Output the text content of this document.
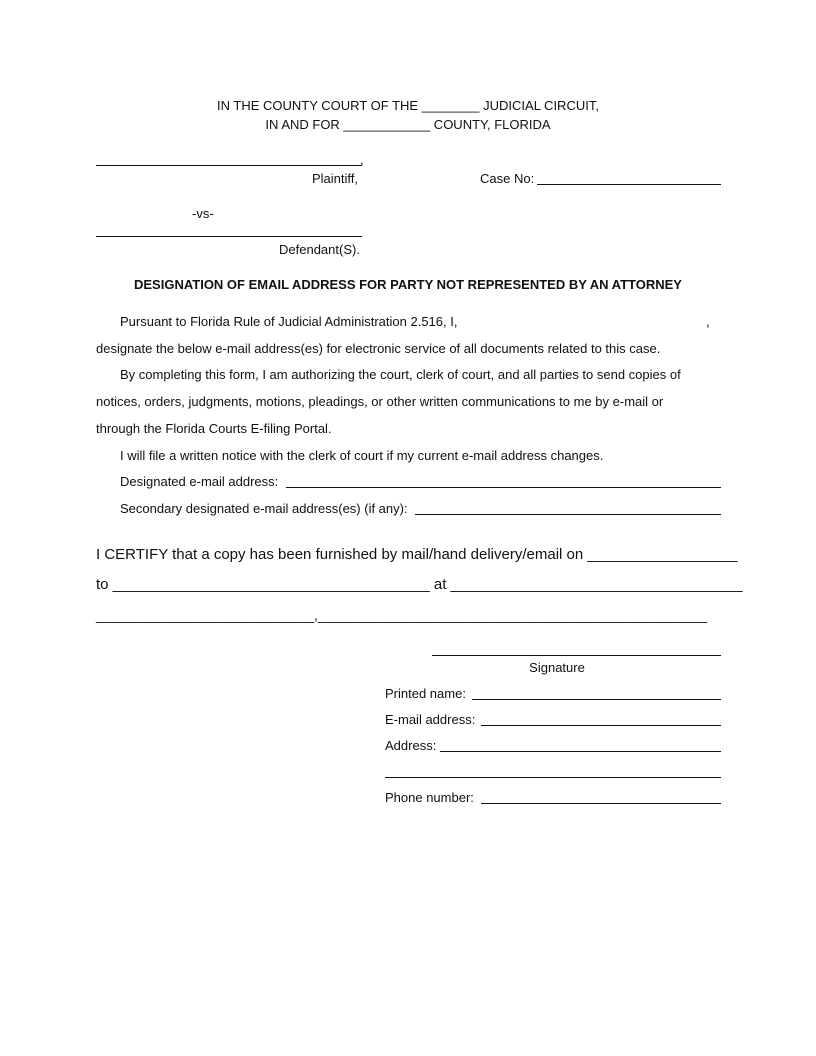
IN THE COUNTY COURT OF THE ________ JUDICIAL CIRCUIT,
IN AND FOR ____________ COUNTY, FLORIDA
,
Plaintiff,	Case No:
-vs-
Defendant(S).
DESIGNATION OF EMAIL ADDRESS FOR PARTY NOT REPRESENTED BY AN ATTORNEY
Pursuant to Florida Rule of Judicial Administration 2.516, I,	,
designate the below e-mail address(es) for electronic service of all documents related to this case.
By completing this form, I am authorizing the court, clerk of court, and all parties to send copies of
notices, orders, judgments, motions, pleadings, or other written communications to me by e-mail or
through the Florida Courts E-filing Portal.
I will file a written notice with the clerk of court if my current e-mail address changes.
Designated e-mail address:
Secondary designated e-mail address(es) (if any):
I CERTIFY that a copy has been furnished by mail/hand delivery/email on __________________
to ______________________________________ at ___________________________________
____________________________,__________________________________________________
Signature
Printed name:
E-mail address:
Address:
Phone number:
